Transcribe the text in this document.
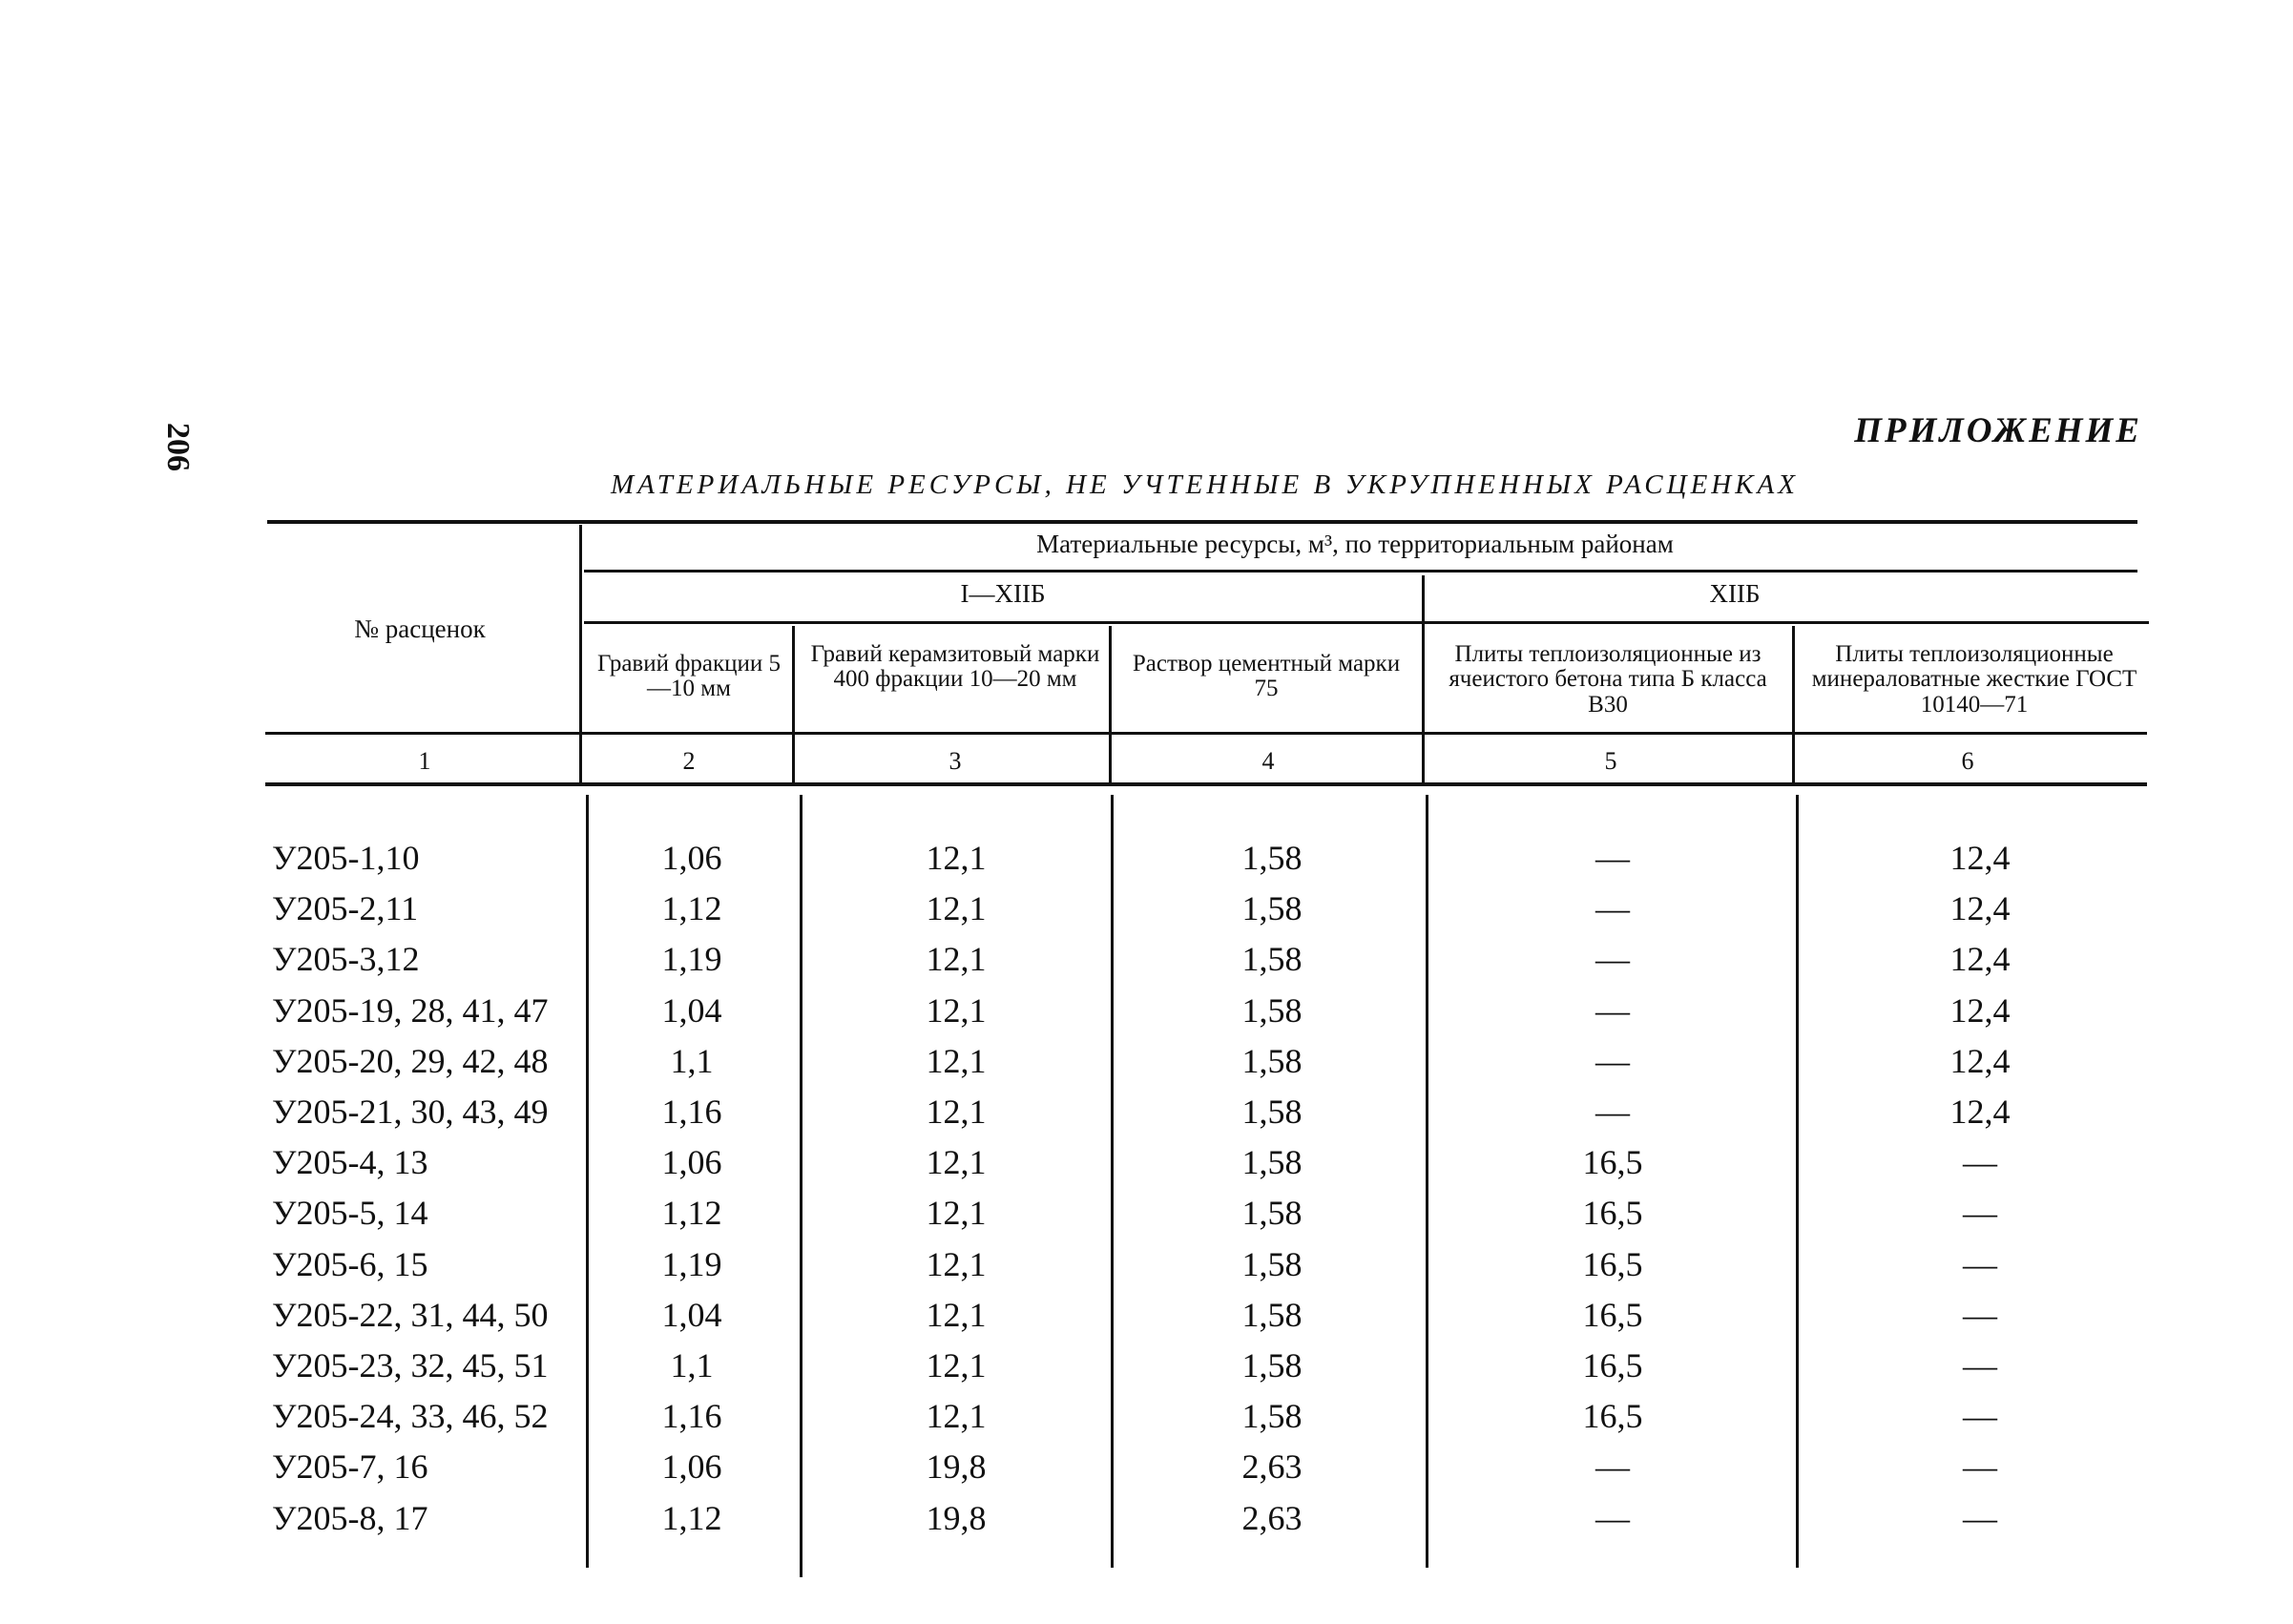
206	ПРИЛОЖЕНИЕ
МАТЕРИАЛЬНЫЕ РЕСУРСЫ, НЕ УЧТЕННЫЕ В УКРУПНЕННЫХ РАСЦЕНКАХ
№ расценок
Материальные ресурсы, м³, по территориальным районам
I—XIIБ	XIIБ
Гравий фракции 5—10 мм
Гравий керамзитовый марки 400 фракции 10—20 мм
Раствор цементный марки 75
Плиты теплоизоляционные из ячеистого бетона типа Б класса В30
Плиты теплоизоляционные минераловатные жесткие ГОСТ 10140—71
1	2	3	4	5	6
У205-1,10	1,06	12,1	1,58	—	12,4
У205-2,11	1,12	12,1	1,58	—	12,4
У205-3,12	1,19	12,1	1,58	—	12,4
У205-19, 28, 41, 47	1,04	12,1	1,58	—	12,4
У205-20, 29, 42, 48	1,1	12,1	1,58	—	12,4
У205-21, 30, 43, 49	1,16	12,1	1,58	—	12,4
У205-4, 13	1,06	12,1	1,58	16,5	—
У205-5, 14	1,12	12,1	1,58	16,5	—
У205-6, 15	1,19	12,1	1,58	16,5	—
У205-22, 31, 44, 50	1,04	12,1	1,58	16,5	—
У205-23, 32, 45, 51	1,1	12,1	1,58	16,5	—
У205-24, 33, 46, 52	1,16	12,1	1,58	16,5	—
У205-7, 16	1,06	19,8	2,63	—	—
У205-8, 17	1,12	19,8	2,63	—	—
